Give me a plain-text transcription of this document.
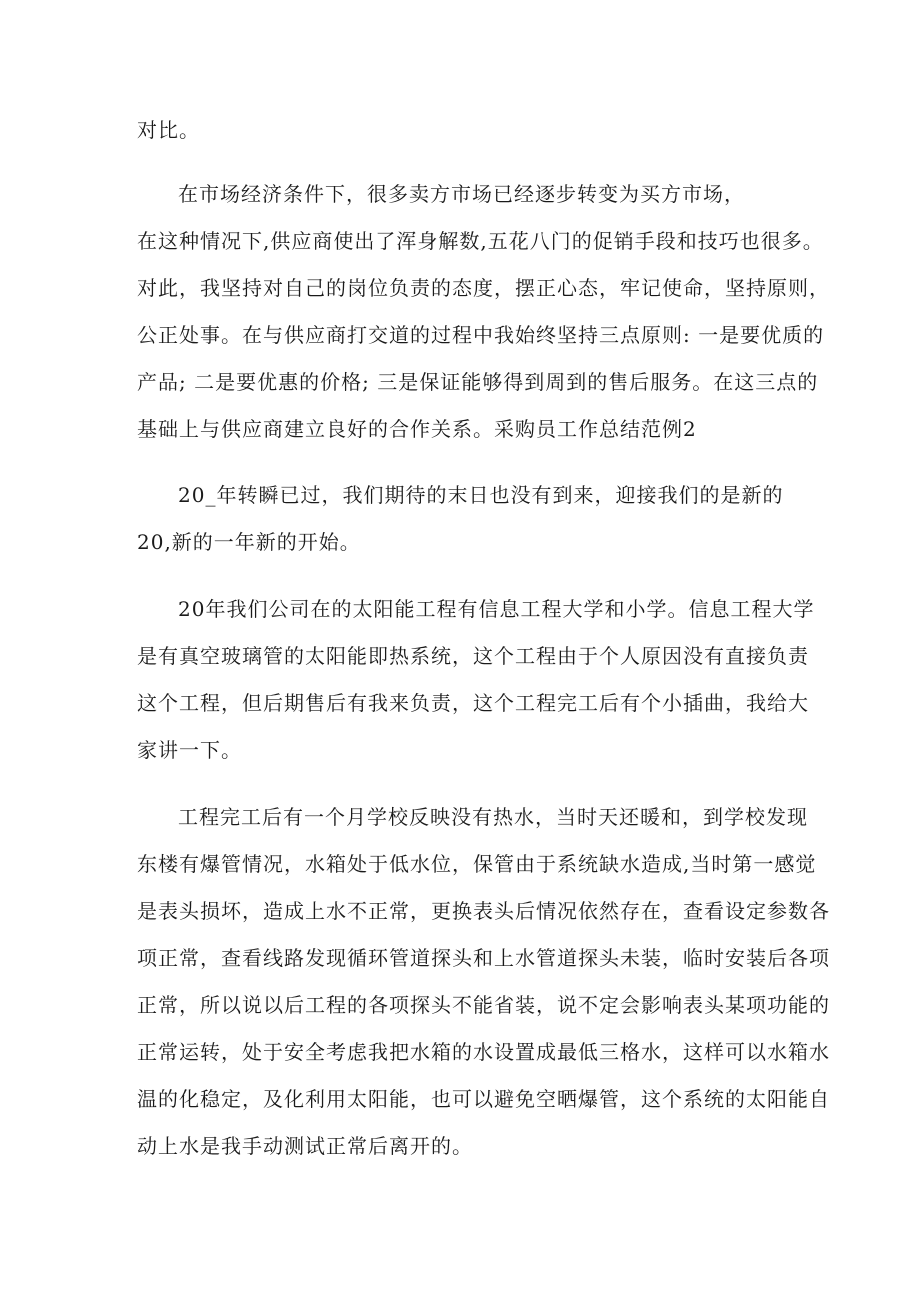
对比。
在市场经济条件下，很多卖方市场已经逐步转变为买方市场，
在这种情况下,供应商使出了浑身解数,五花八门的促销手段和技巧也很多。
对此，我坚持对自己的岗位负责的态度，摆正心态，牢记使命，坚持原则，
公正处事。在与供应商打交道的过程中我始终坚持三点原则: 一是要优质的
产品; 二是要优惠的价格; 三是保证能够得到周到的售后服务。在这三点的
基础上与供应商建立良好的合作关系。采购员工作总结范例2
20_年转瞬已过，我们期待的末日也没有到来，迎接我们的是新的
20,新的一年新的开始。
20年我们公司在的太阳能工程有信息工程大学和小学。信息工程大学
是有真空玻璃管的太阳能即热系统，这个工程由于个人原因没有直接负责
这个工程，但后期售后有我来负责，这个工程完工后有个小插曲，我给大
家讲一下。
工程完工后有一个月学校反映没有热水，当时天还暖和，到学校发现
东楼有爆管情况，水箱处于低水位，保管由于系统缺水造成,当时第一感觉
是表头损坏，造成上水不正常，更换表头后情况依然存在，查看设定参数各
项正常，查看线路发现循环管道探头和上水管道探头未装，临时安装后各项
正常，所以说以后工程的各项探头不能省装，说不定会影响表头某项功能的
正常运转，处于安全考虑我把水箱的水设置成最低三格水，这样可以水箱水
温的化稳定，及化利用太阳能，也可以避免空晒爆管，这个系统的太阳能自
动上水是我手动测试正常后离开的。
